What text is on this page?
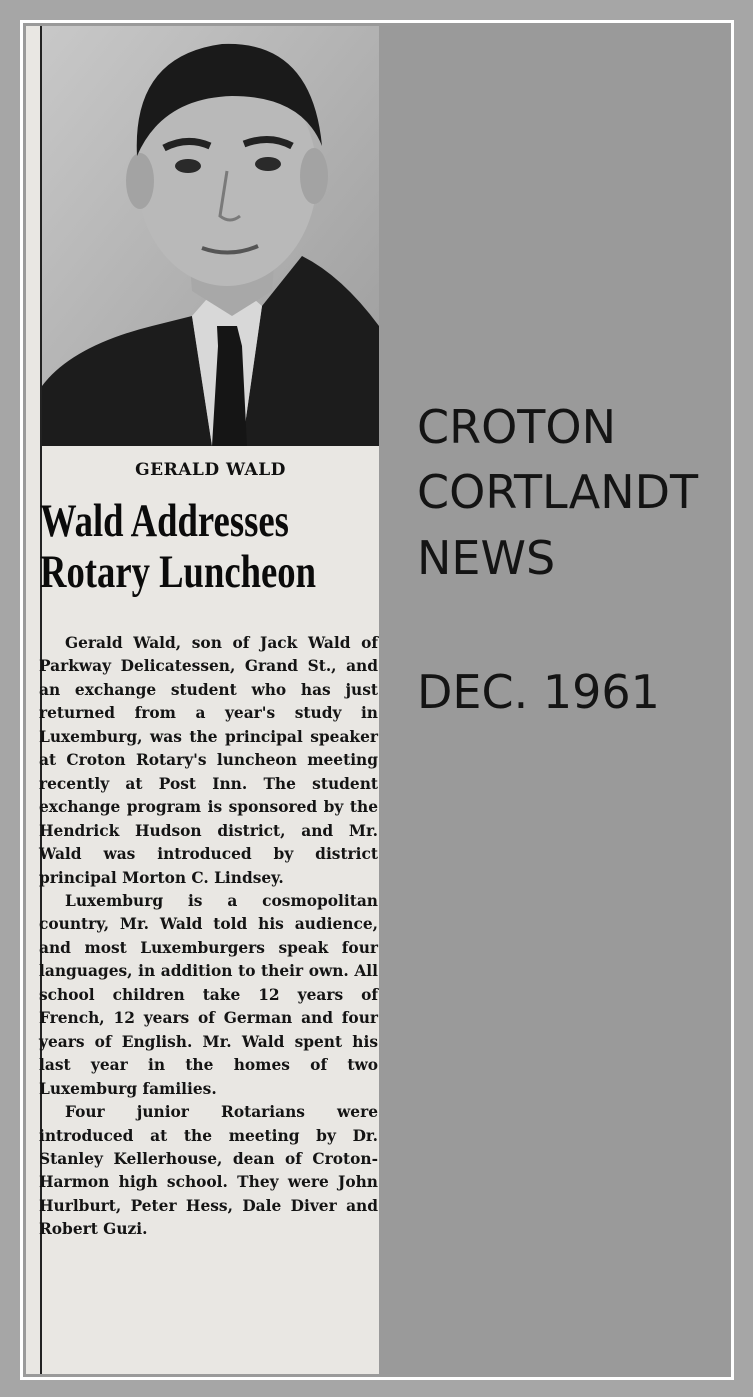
GERALD WALD
Wald Addresses
Rotary Luncheon

Gerald Wald, son of Jack Wald of Parkway Delicatessen, Grand St., and an exchange student who has just returned from a year's study in Luxemburg, was the principal speaker at Croton Rotary's luncheon meeting recently at Post Inn. The student exchange program is sponsored by the Hendrick Hudson district, and Mr. Wald was introduced by district principal Morton C. Lindsey.

Luxemburg is a cosmopolitan country, Mr. Wald told his audience, and most Luxemburgers speak four languages, in addition to their own. All school children take 12 years of French, 12 years of German and four years of English. Mr. Wald spent his last year in the homes of two Luxemburg families.

Four junior Rotarians were introduced at the meeting by Dr. Stanley Kellerhouse, dean of Croton-Harmon high school. They were John Hurlburt, Peter Hess, Dale Diver and Robert Guzi.

CROTON
CORTLANDT
NEWS
DEC. 1961
